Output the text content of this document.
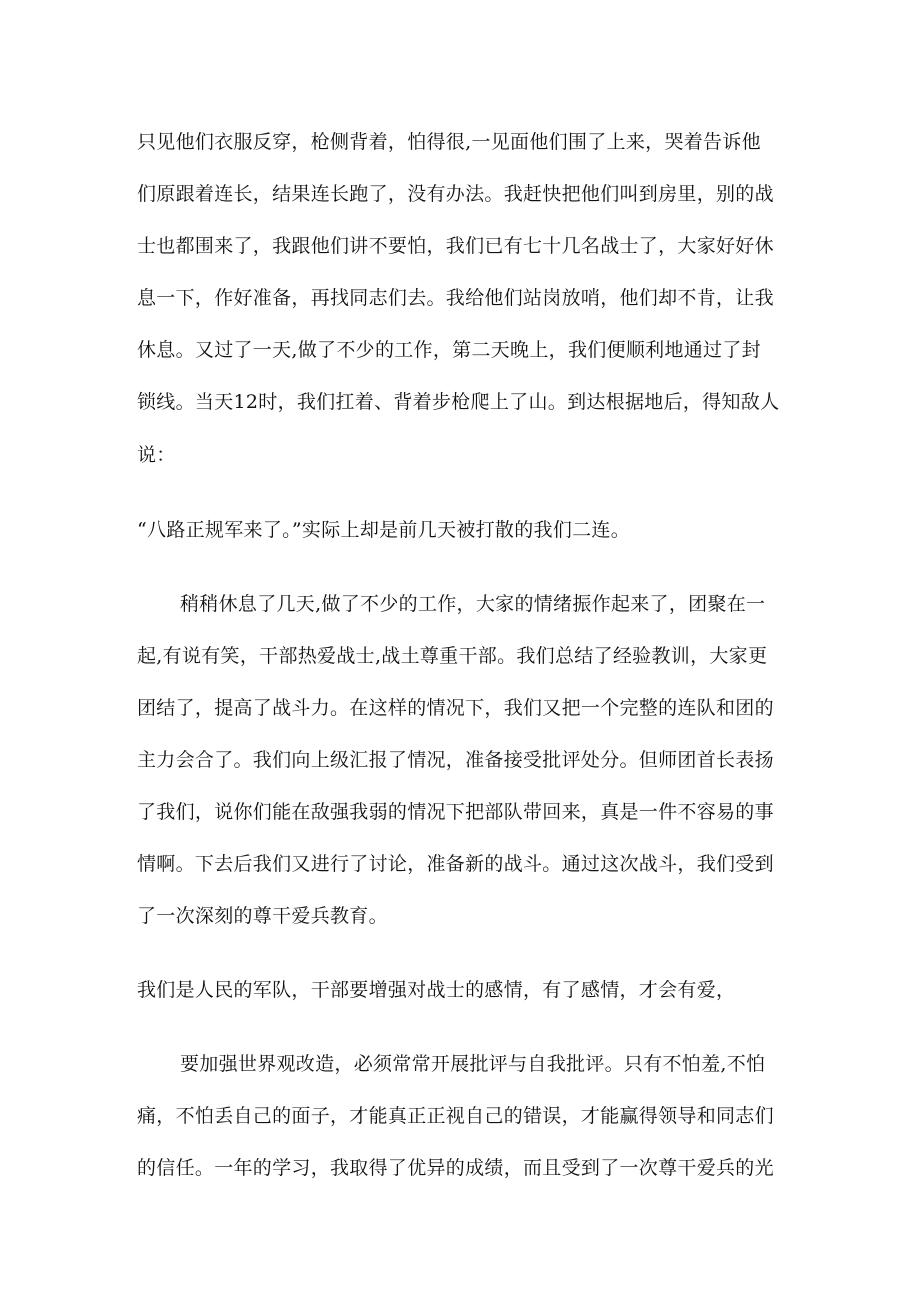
只见他们衣服反穿，枪侧背着，怕得很,一见面他们围了上来，哭着告诉他
们原跟着连长，结果连长跑了，没有办法。我赶快把他们叫到房里，别的战
士也都围来了，我跟他们讲不要怕，我们已有七十几名战士了，大家好好休
息一下，作好准备，再找同志们去。我给他们站岗放哨，他们却不肯，让我
休息。又过了一天,做了不少的工作，第二天晚上，我们便顺利地通过了封
锁线。当天12时，我们扛着、背着步枪爬上了山。到达根据地后，得知敌人
说：
“八路正规军来了。”实际上却是前几天被打散的我们二连。
稍稍休息了几天,做了不少的工作，大家的情绪振作起来了，团聚在一
起,有说有笑，干部热爱战士,战土尊重干部。我们总结了经验教训，大家更
团结了，提高了战斗力。在这样的情况下，我们又把一个完整的连队和团的
主力会合了。我们向上级汇报了情况，准备接受批评处分。但师团首长表扬
了我们，说你们能在敌强我弱的情况下把部队带回来，真是一件不容易的事
情啊。下去后我们又进行了讨论，准备新的战斗。通过这次战斗，我们受到
了一次深刻的尊干爱兵教育。
我们是人民的军队，干部要增强对战士的感情，有了感情，才会有爱，
要加强世界观改造，必须常常开展批评与自我批评。只有不怕羞,不怕
痛，不怕丢自己的面子，才能真正正视自己的错误，才能赢得领导和同志们
的信任。一年的学习，我取得了优异的成绩，而且受到了一次尊干爱兵的光
